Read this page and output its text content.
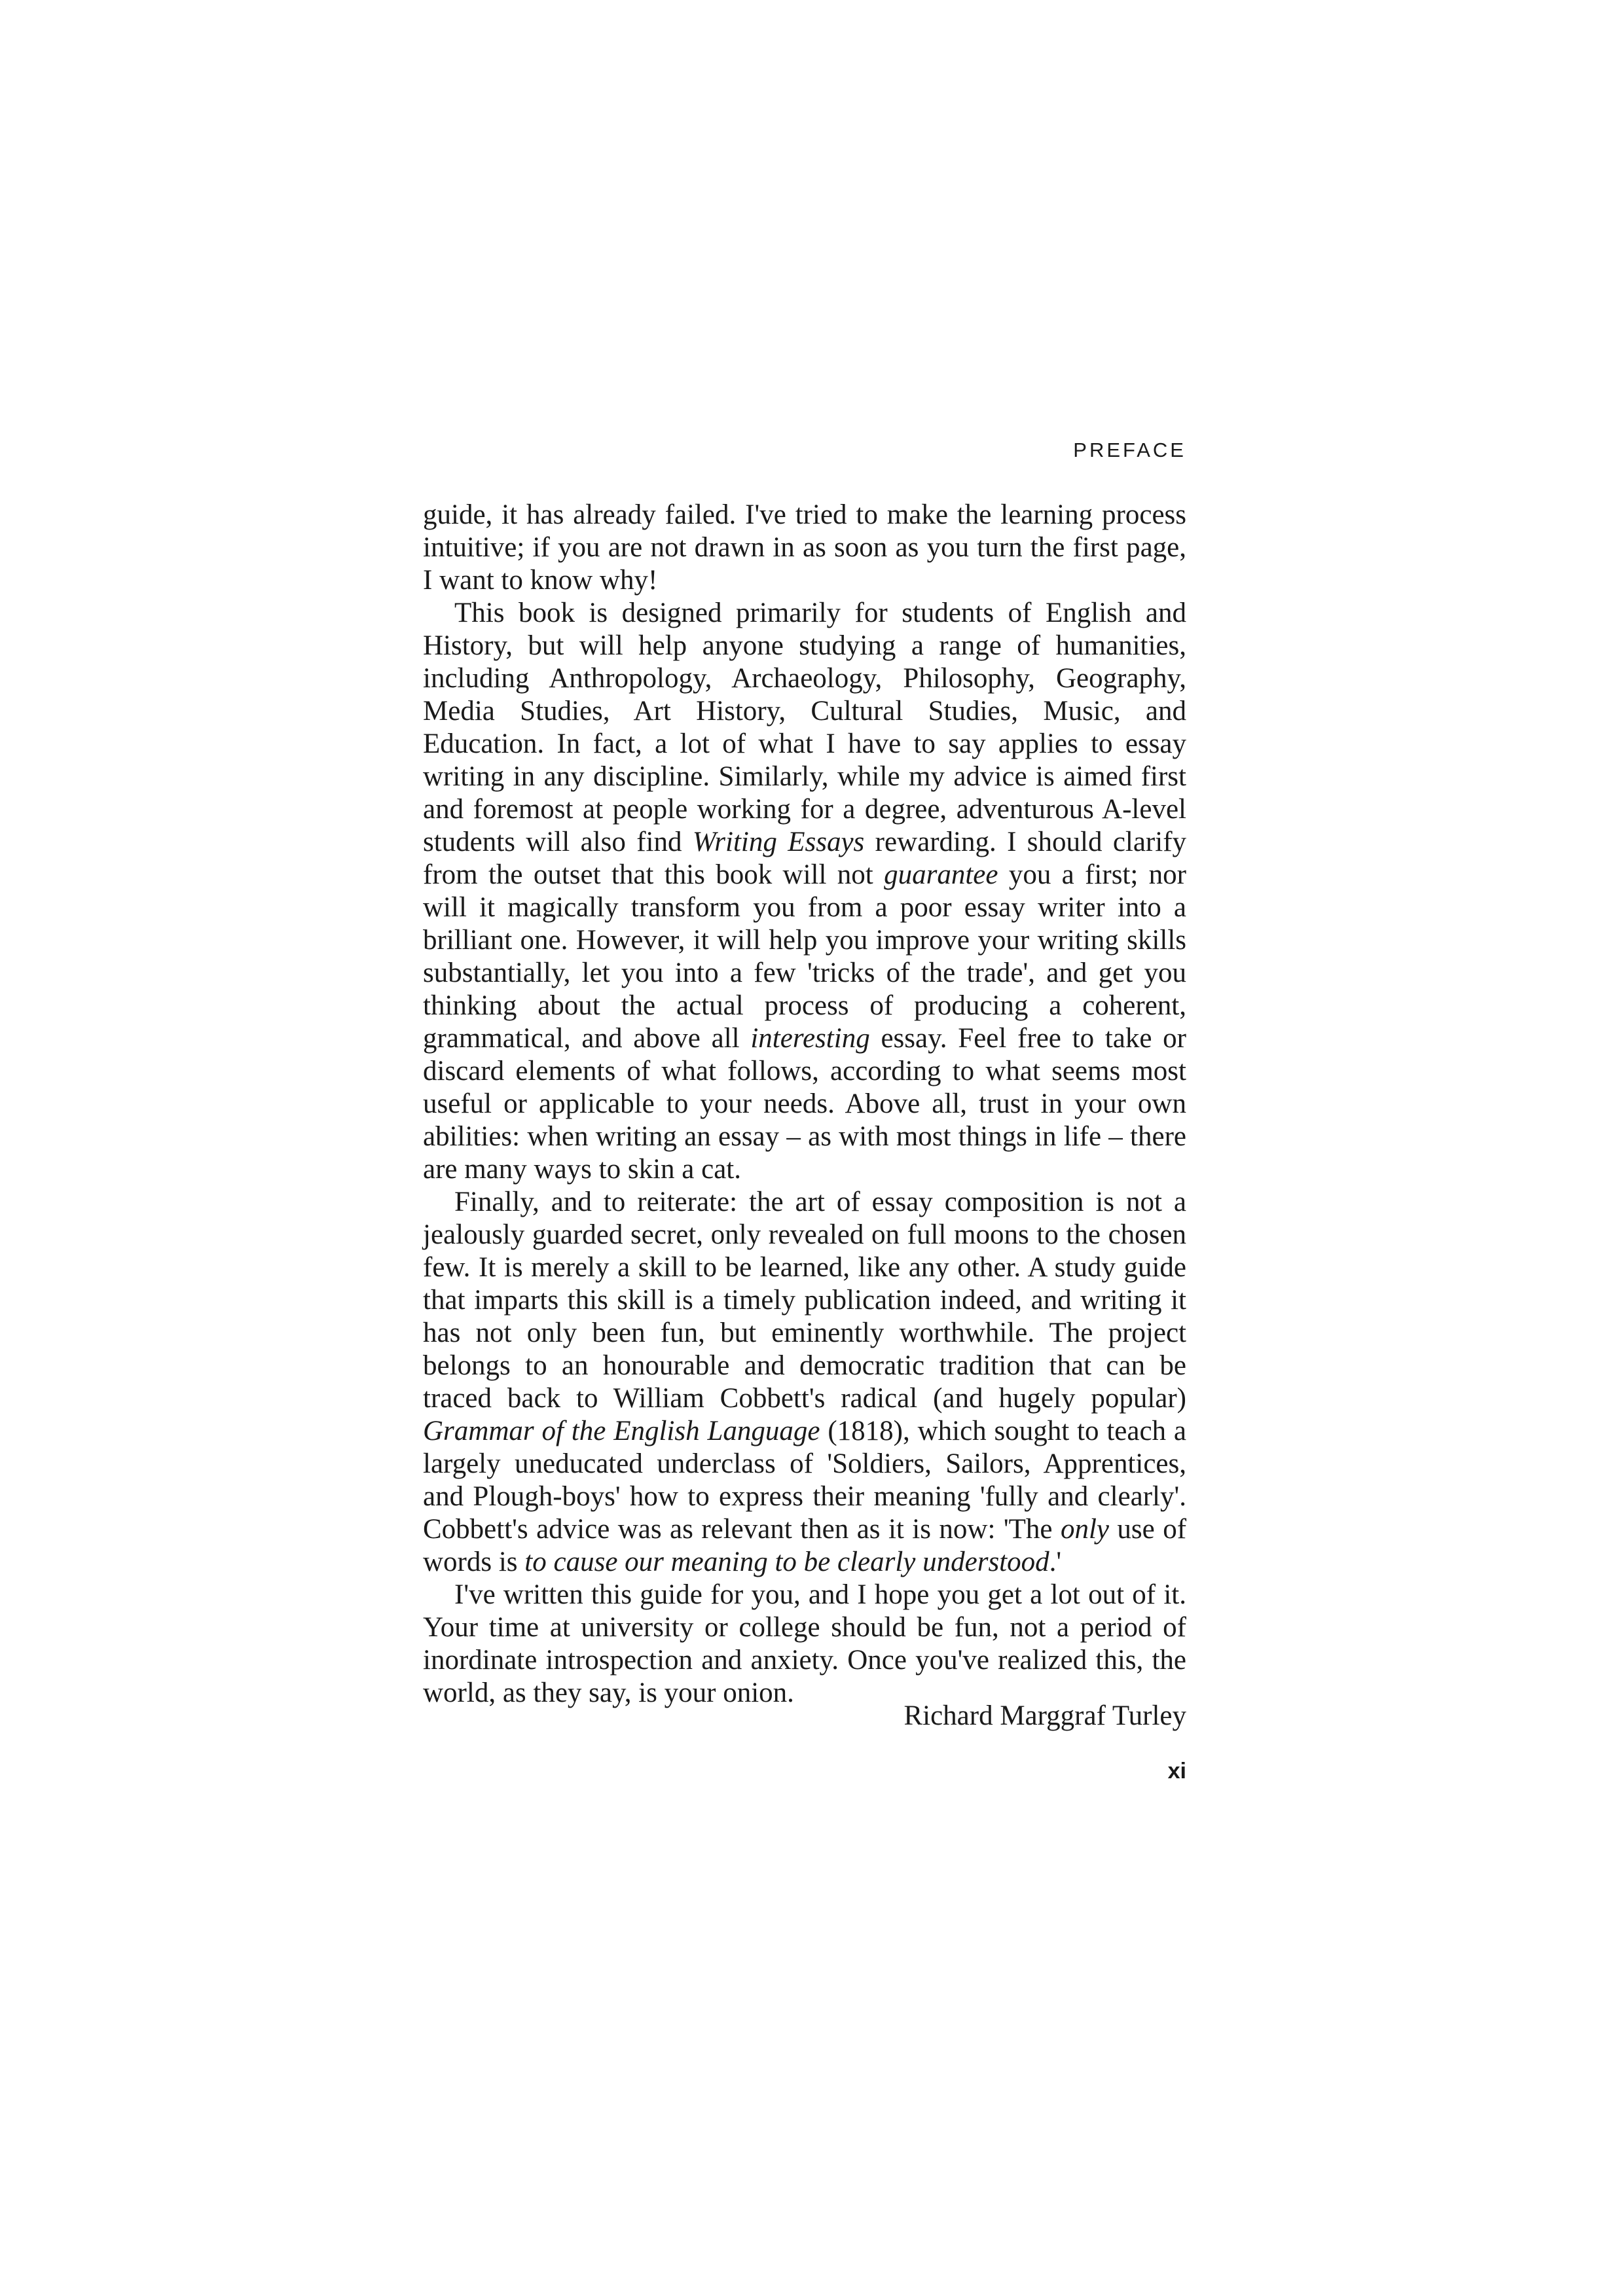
PREFACE

guide, it has already failed. I've tried to make the learning process intuitive; if you are not drawn in as soon as you turn the first page, I want to know why!

This book is designed primarily for students of English and History, but will help anyone studying a range of humanities, including Anthropology, Archaeology, Philosophy, Geography, Media Studies, Art History, Cultural Studies, Music, and Education. In fact, a lot of what I have to say applies to essay writing in any discipline. Similarly, while my advice is aimed first and foremost at people working for a degree, adventurous A-level students will also find Writing Essays rewarding. I should clarify from the outset that this book will not guarantee you a first; nor will it magically transform you from a poor essay writer into a brilliant one. However, it will help you improve your writing skills substantially, let you into a few 'tricks of the trade', and get you thinking about the actual process of producing a coherent, grammatical, and above all interesting essay. Feel free to take or discard elements of what follows, according to what seems most useful or applicable to your needs. Above all, trust in your own abilities: when writing an essay – as with most things in life – there are many ways to skin a cat.

Finally, and to reiterate: the art of essay composition is not a jealously guarded secret, only revealed on full moons to the chosen few. It is merely a skill to be learned, like any other. A study guide that imparts this skill is a timely publication indeed, and writing it has not only been fun, but eminently worthwhile. The project belongs to an honourable and democratic tradition that can be traced back to William Cobbett's radical (and hugely popular) Grammar of the English Language (1818), which sought to teach a largely uneducated underclass of 'Soldiers, Sailors, Apprentices, and Plough-boys' how to express their meaning 'fully and clearly'. Cobbett's advice was as relevant then as it is now: 'The only use of words is to cause our meaning to be clearly understood.'

I've written this guide for you, and I hope you get a lot out of it. Your time at university or college should be fun, not a period of inordinate introspection and anxiety. Once you've realized this, the world, as they say, is your onion.

Richard Marggraf Turley
xi
